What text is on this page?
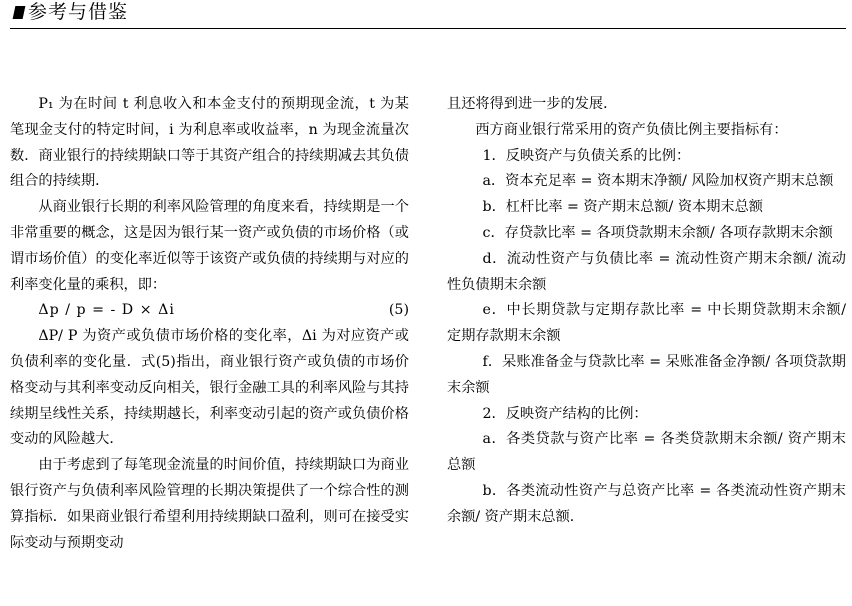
参考与借鉴

P₁ 为在时间 t 利息收入和本金支付的预期现金流，t 为某笔现金支付的特定时间，i 为利息率或收益率，n 为现金流量次数．商业银行的持续期缺口等于其资产组合的持续期减去其负债组合的持续期．

从商业银行长期的利率风险管理的角度来看，持续期是一个非常重要的概念，这是因为银行某一资产或负债的市场价格（或谓市场价值）的变化率近似等于该资产或负债的持续期与对应的利率变化量的乘积，即：

Δp / p = - D × Δi	(5)

ΔP/ P 为资产或负债市场价格的变化率，Δi 为对应资产或负债利率的变化量．式(5)指出，商业银行资产或负债的市场价格变动与其利率变动反向相关，银行金融工具的利率风险与其持续期呈线性关系，持续期越长，利率变动引起的资产或负债价格变动的风险越大．

由于考虑到了每笔现金流量的时间价值，持续期缺口为商业银行资产与负债利率风险管理的长期决策提供了一个综合性的测算指标．如果商业银行希望利用持续期缺口盈利，则可在接受实际变动与预期变动

且还将得到进一步的发展．

西方商业银行常采用的资产负债比例主要指标有：

1．反映资产与负债关系的比例：

a．资本充足率 = 资本期末净额/ 风险加权资产期末总额

b．杠杆比率 = 资产期末总额/ 资本期末总额

c．存贷款比率 = 各项贷款期末余额/ 各项存款期末余额

d．流动性资产与负债比率 = 流动性资产期末余额/ 流动性负债期末余额

e．中长期贷款与定期存款比率 = 中长期贷款期末余额/ 定期存款期末余额

f．呆账准备金与贷款比率 = 呆账准备金净额/ 各项贷款期末余额

2．反映资产结构的比例：

a．各类贷款与资产比率 = 各类贷款期末余额/ 资产期末总额

b．各类流动性资产与总资产比率 = 各类流动性资产期末余额/ 资产期末总额．
